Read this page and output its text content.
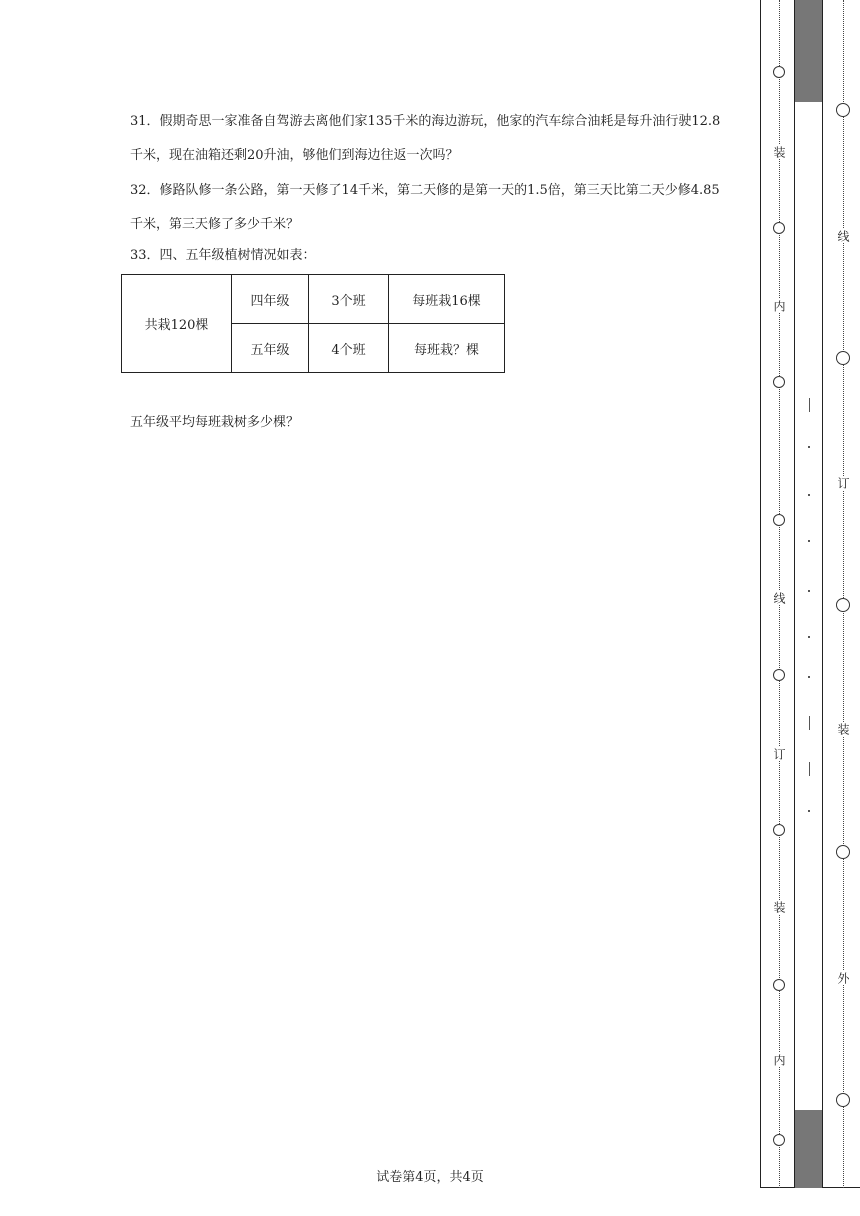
31．假期奇思一家准备自驾游去离他们家135千米的海边游玩，他家的汽车综合油耗是每升油行驶12.8千米，现在油箱还剩20升油，够他们到海边往返一次吗？

32．修路队修一条公路，第一天修了14千米，第二天修的是第一天的1.5倍，第三天比第二天少修4.85千米，第三天修了多少千米？

33．四、五年级植树情况如表：

共栽120棵	四年级	3个班	每班栽16棵
	五年级	4个班	每班栽？棵

五年级平均每班栽树多少棵？

试卷第4页，共4页
装
内
线
订
装
内
线
订
装
外
